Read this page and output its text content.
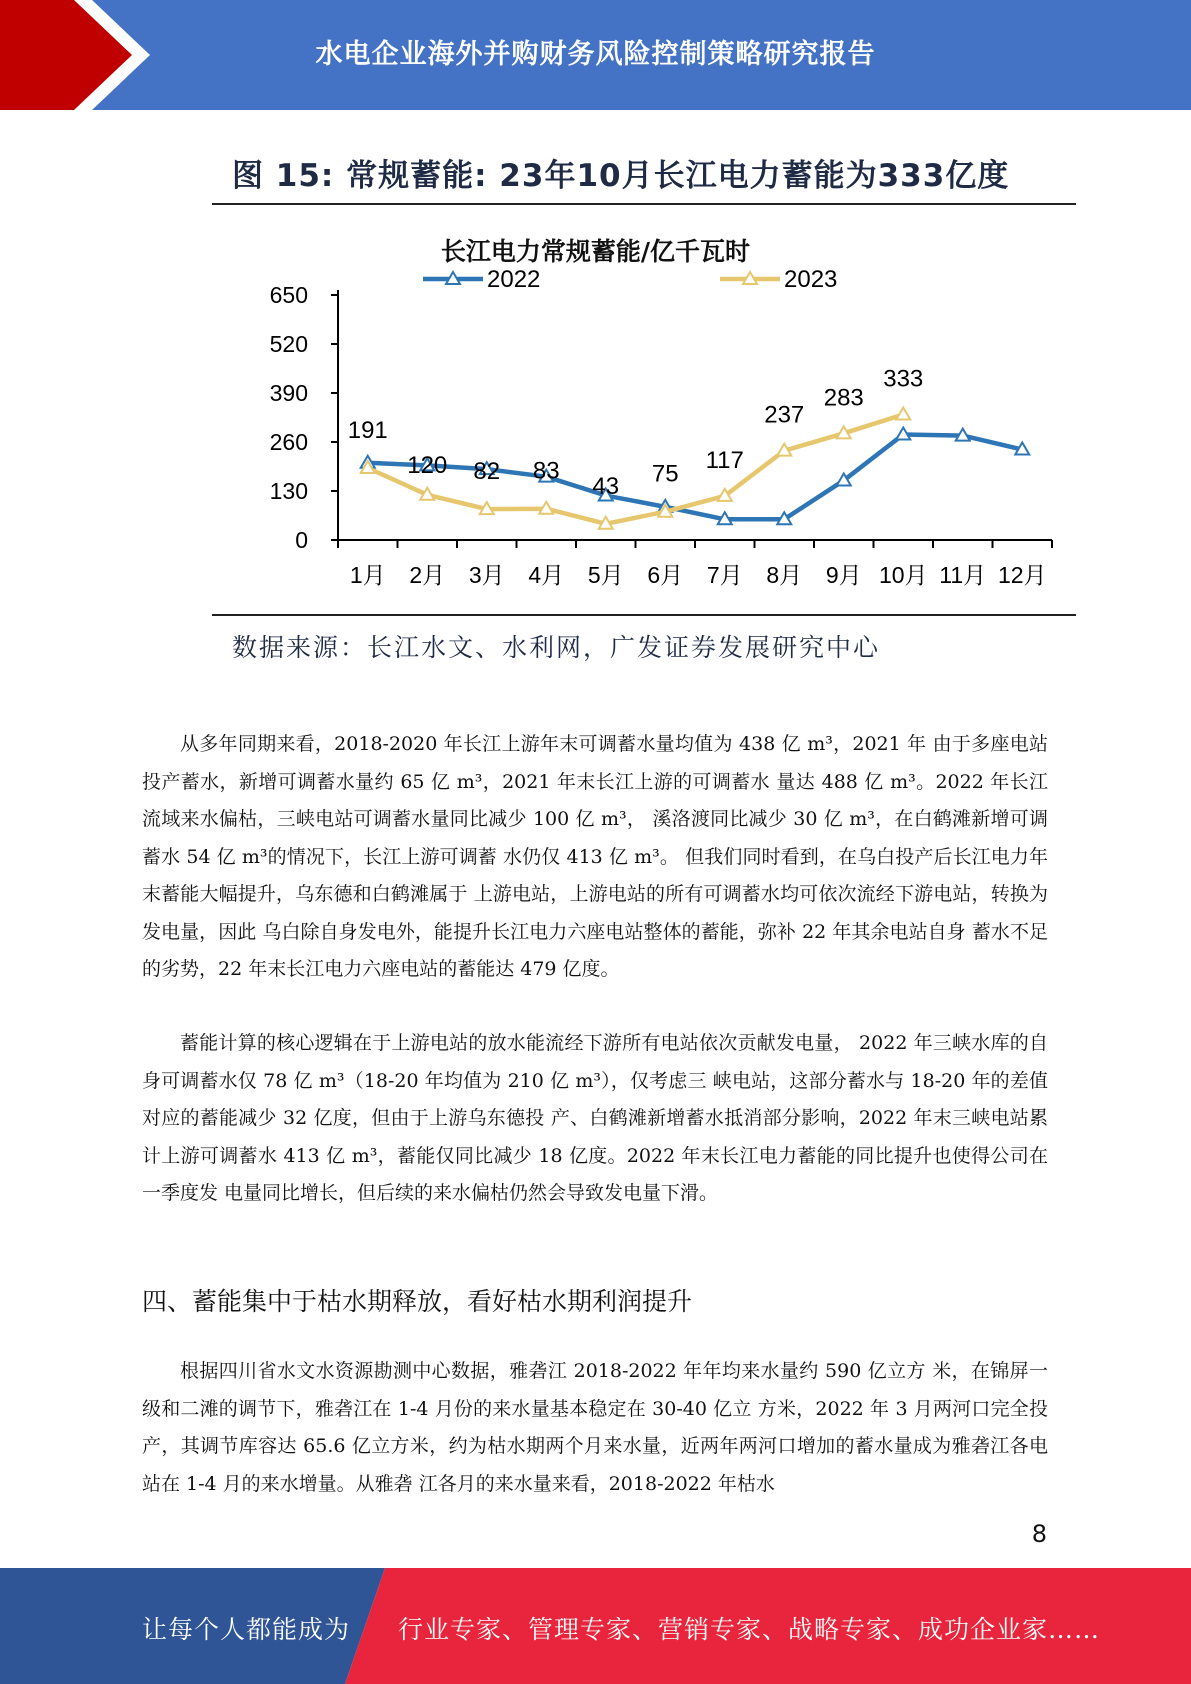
水电企业海外并购财务风险控制策略研究报告
图 15: 常规蓄能: 23年10月长江电力蓄能为333亿度
长江电力常规蓄能/亿千瓦时
0
130
260
390
520
650
1月 2月 3月 4月 5月 6月 7月 8月 9月 10月 11月 12月
191
120 82 83
43 75
117
237
283
333
2022	2023
数据来源：长江水文、水利网，广发证券发展研究中心
从多年同期来看，2018-2020 年长江上游年末可调蓄水量均值为 438 亿 m³，2021 年 由于多座电站投产蓄水，新增可调蓄水量约 65 亿 m³，2021 年末长江上游的可调蓄水 量达 488 亿 m³。2022 年长江流域来水偏枯，三峡电站可调蓄水量同比减少 100 亿 m³， 溪洛渡同比减少 30 亿 m³，在白鹤滩新增可调蓄水 54 亿 m³的情况下，长江上游可调蓄 水仍仅 413 亿 m³。 但我们同时看到，在乌白投产后长江电力年末蓄能大幅提升，乌东德和白鹤滩属于 上游电站，上游电站的所有可调蓄水均可依次流经下游电站，转换为发电量，因此 乌白除自身发电外，能提升长江电力六座电站整体的蓄能，弥补 22 年其余电站自身 蓄水不足的劣势，22 年末长江电力六座电站的蓄能达 479 亿度。
蓄能计算的核心逻辑在于上游电站的放水能流经下游所有电站依次贡献发电量， 2022 年三峡水库的自身可调蓄水仅 78 亿 m³（18-20 年均值为 210 亿 m³），仅考虑三 峡电站，这部分蓄水与 18-20 年的差值对应的蓄能减少 32 亿度，但由于上游乌东德投 产、白鹤滩新增蓄水抵消部分影响，2022 年末三峡电站累计上游可调蓄水 413 亿 m³，蓄能仅同比减少 18 亿度。2022 年末长江电力蓄能的同比提升也使得公司在一季度发 电量同比增长，但后续的来水偏枯仍然会导致发电量下滑。
四、蓄能集中于枯水期释放，看好枯水期利润提升
根据四川省水文水资源勘测中心数据，雅砻江 2018-2022 年年均来水量约 590 亿立方 米，在锦屏一级和二滩的调节下，雅砻江在 1-4 月份的来水量基本稳定在 30-40 亿立 方米，2022 年 3 月两河口完全投产，其调节库容达 65.6 亿立方米，约为枯水期两个月来水量，近两年两河口增加的蓄水量成为雅砻江各电站在 1-4 月的来水增量。从雅砻 江各月的来水量来看，2018-2022 年枯水
8
让每个人都能成为 行业专家、管理专家、营销专家、战略专家、成功企业家……
